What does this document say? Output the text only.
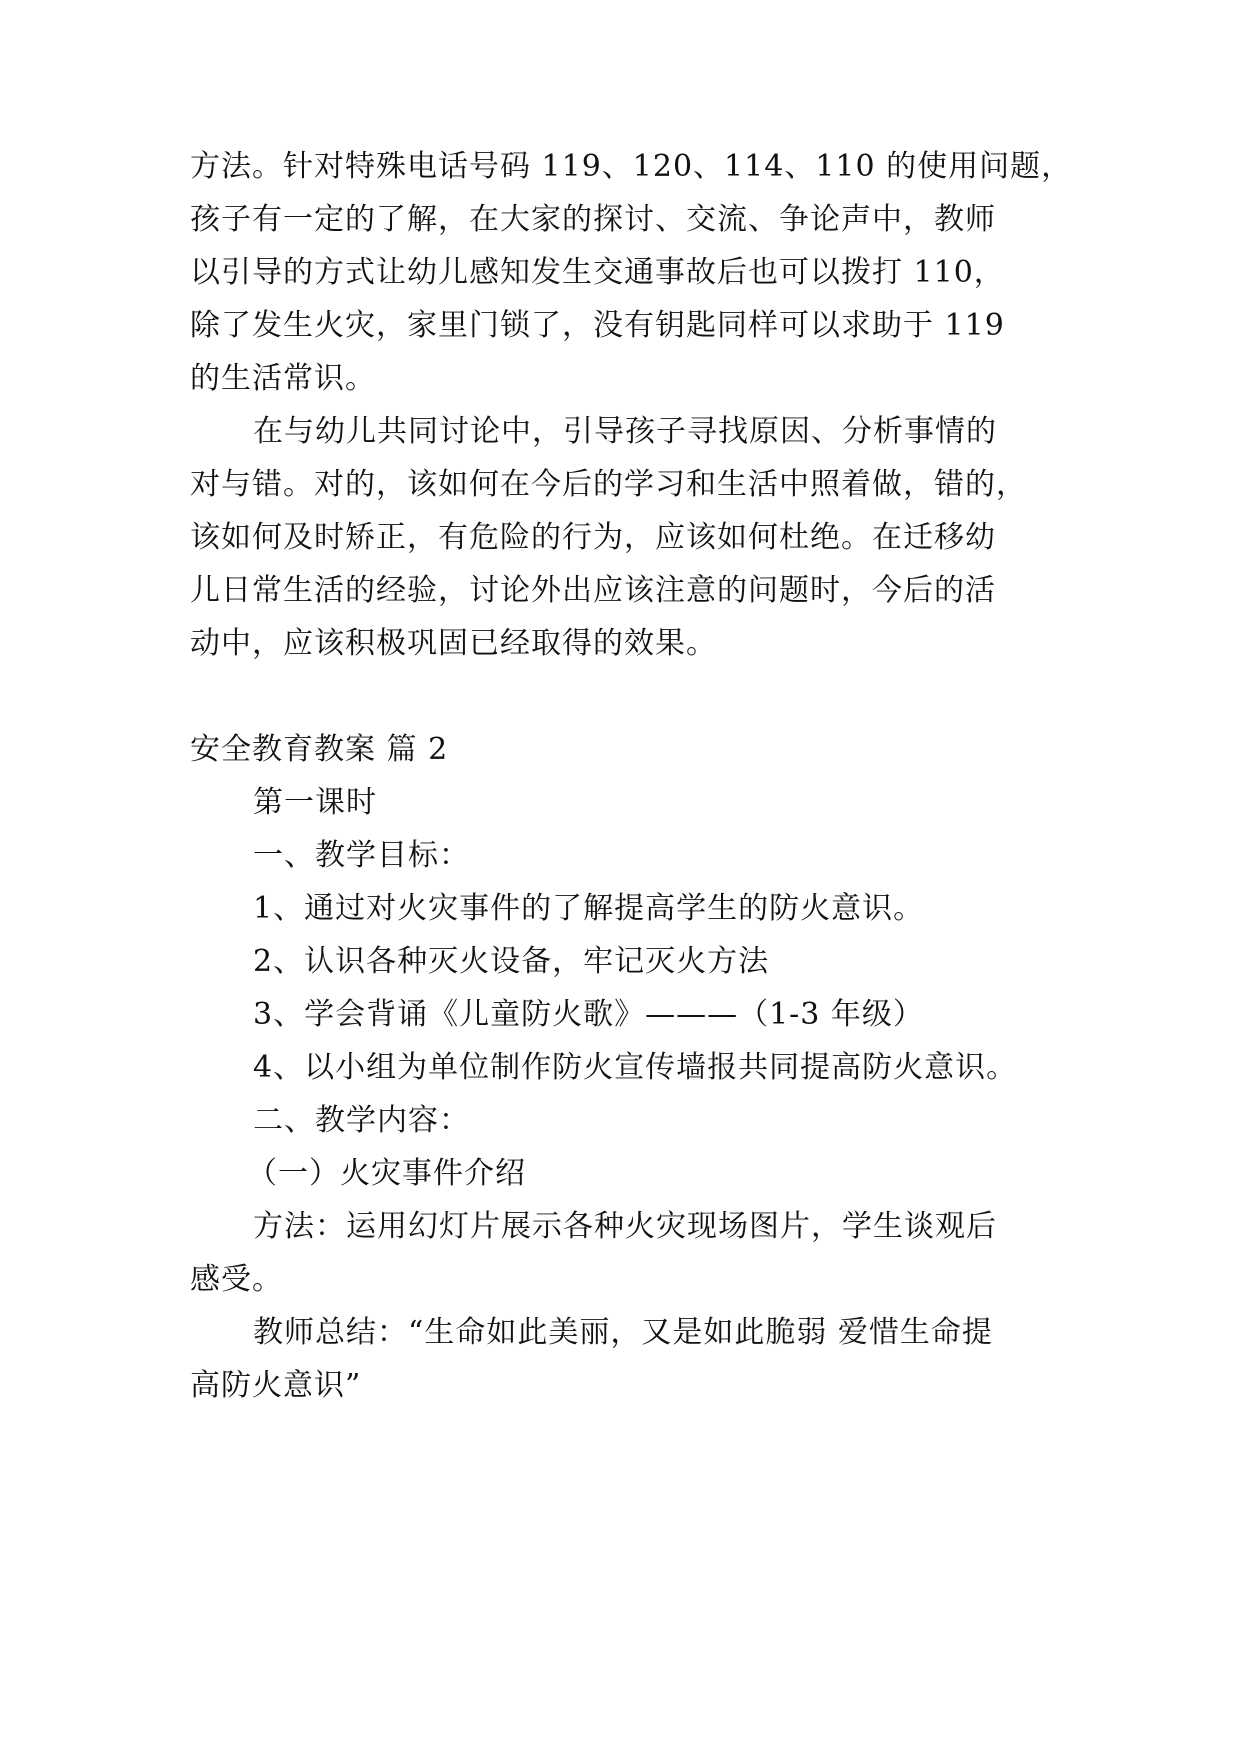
方法。针对特殊电话号码 119、120、114、110 的使用问题，
孩子有一定的了解，在大家的探讨、交流、争论声中，教师
以引导的方式让幼儿感知发生交通事故后也可以拨打 110，
除了发生火灾，家里门锁了，没有钥匙同样可以求助于 119
的生活常识。
在与幼儿共同讨论中，引导孩子寻找原因、分析事情的
对与错。对的，该如何在今后的学习和生活中照着做，错的，
该如何及时矫正，有危险的行为，应该如何杜绝。在迁移幼
儿日常生活的经验，讨论外出应该注意的问题时，今后的活
动中，应该积极巩固已经取得的效果。
安全教育教案 篇 2
第一课时
一、教学目标：
1、通过对火灾事件的了解提高学生的防火意识。
2、认识各种灭火设备，牢记灭火方法
3、学会背诵《儿童防火歌》———（1-3 年级）
4、以小组为单位制作防火宣传墙报共同提高防火意识。
二、教学内容：
（一）火灾事件介绍
方法：运用幻灯片展示各种火灾现场图片，学生谈观后
感受。
教师总结：“生命如此美丽，又是如此脆弱 爱惜生命提
高防火意识”
